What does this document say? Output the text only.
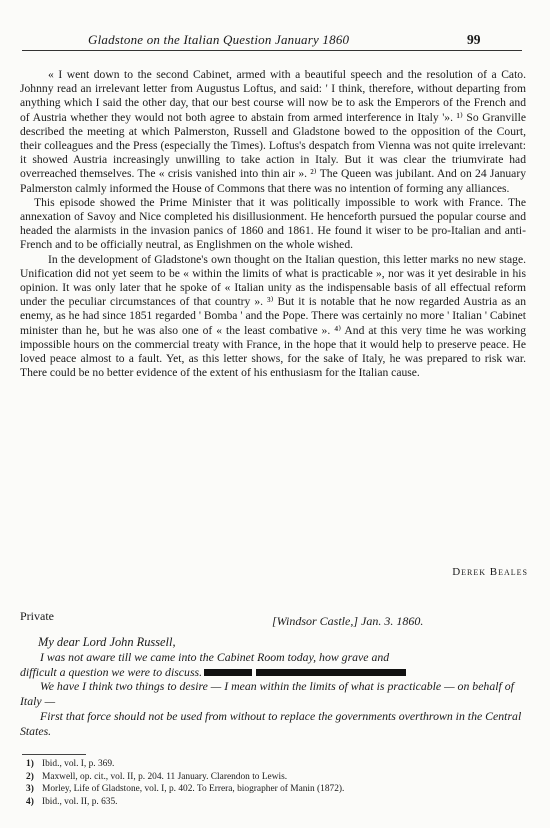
Gladstone on the Italian Question January 1860	99

« I went down to the second Cabinet, armed with a beautiful speech and the resolution of a Cato. Johnny read an irrelevant letter from Augustus Loftus, and said: ' I think, therefore, without departing from anything which I said the other day, that our best course will now be to ask the Emperors of the French and of Austria whether they would not both agree to abstain from armed interference in Italy '». ¹⁾ So Granville described the meeting at which Palmerston, Russell and Gladstone bowed to the opposition of the Court, their colleagues and the Press (especially the Times). Loftus's despatch from Vienna was not quite irrelevant: it showed Austria increasingly unwilling to take action in Italy. But it was clear the triumvirate had overreached themselves. The « crisis vanished into thin air ». ²⁾ The Queen was jubilant. And on 24 January Palmerston calmly informed the House of Commons that there was no intention of forming any alliances.

This episode showed the Prime Minister that it was politically impossible to work with France. The annexation of Savoy and Nice completed his disillusionment. He henceforth pursued the popular course and headed the alarmists in the invasion panics of 1860 and 1861. He found it wiser to be pro-Italian and anti-French and to be officially neutral, as Englishmen on the whole wished.

In the development of Gladstone's own thought on the Italian question, this letter marks no new stage. Unification did not yet seem to be « within the limits of what is practicable », nor was it yet desirable in his opinion. It was only later that he spoke of « Italian unity as the indispensable basis of all effectual reform under the peculiar circumstances of that country ». ³⁾ But it is notable that he now regarded Austria as an enemy, as he had since 1851 regarded ' Bomba ' and the Pope. There was certainly no more ' Italian ' Cabinet minister than he, but he was also one of « the least combative ». ⁴⁾ And at this very time he was working impossible hours on the commercial treaty with France, in the hope that it would help to preserve peace. He loved peace almost to a fault. Yet, as this letter shows, for the sake of Italy, he was prepared to risk war. There could be no better evidence of the extent of his enthusiasm for the Italian cause.

Derek Beales
Private	[Windsor Castle,] Jan. 3. 1860.

My dear Lord John Russell,

I was not aware till we came into the Cabinet Room today, how grave and

difficult a question we were to discuss.

We have I think two things to desire — I mean within the limits of what is practicable — on behalf of Italy —

First that force should not be used from without to replace the governments overthrown in the Central States.

1) Ibid., vol. I, p. 369.
2) Maxwell, op. cit., vol. II, p. 204. 11 January. Clarendon to Lewis.
3) Morley, Life of Gladstone, vol. I, p. 402. To Errera, biographer of Manin (1872).
4) Ibid., vol. II, p. 635.
